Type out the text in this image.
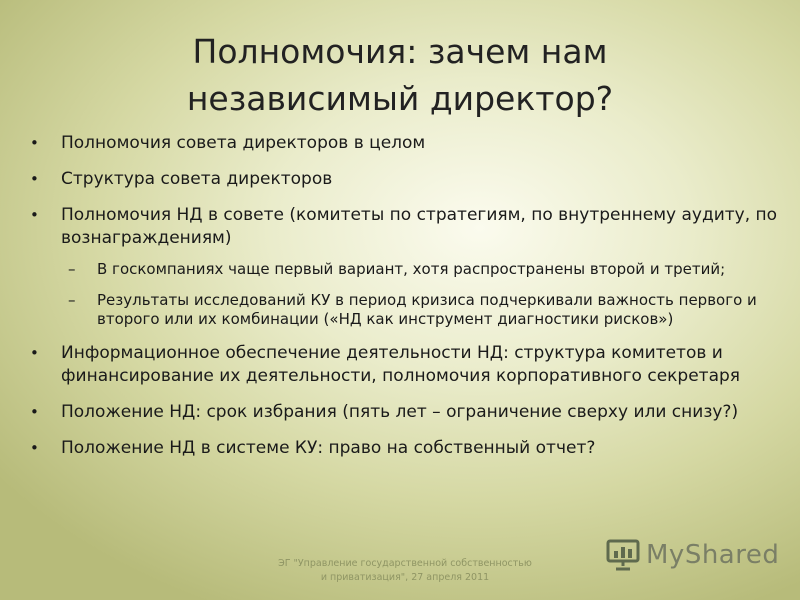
Полномочия: зачем нам
независимый директор?
• Полномочия совета директоров в целом
• Структура совета директоров
• Полномочия НД в совете (комитеты по стратегиям, по внутреннему аудиту, по вознаграждениям)
– В госкомпаниях чаще первый вариант, хотя распространены второй и третий;
– Результаты исследований КУ в период кризиса подчеркивали важность первого и второго или их комбинации («НД как инструмент диагностики рисков»)
• Информационное обеспечение деятельности НД: структура комитетов и финансирование их деятельности, полномочия корпоративного секретаря
• Положение НД: срок избрания (пять лет – ограничение сверху или снизу?)
• Положение НД в системе КУ: право на собственный отчет?
ЭГ "Управление государственной собственностью
и приватизация", 27 апреля 2011
MyShared
